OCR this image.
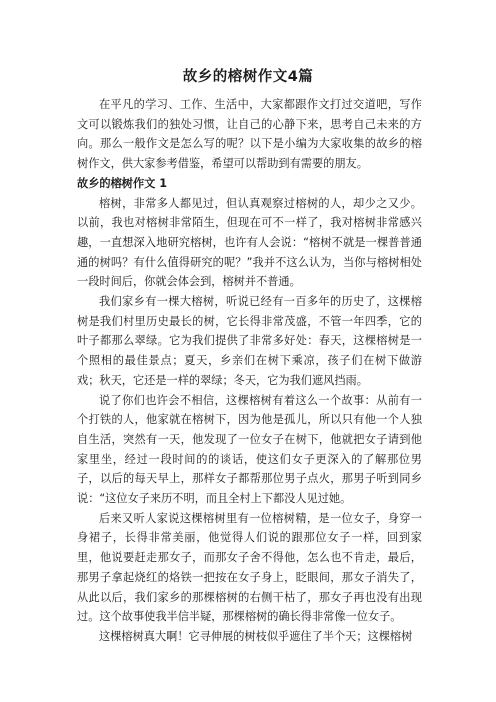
故乡的榕树作文4篇

在平凡的学习、工作、生活中，大家都跟作文打过交道吧，写作文可以锻炼我们的独处习惯，让自己的心静下来，思考自己未来的方向。那么一般作文是怎么写的呢？以下是小编为大家收集的故乡的榕树作文，供大家参考借鉴，希望可以帮助到有需要的朋友。

故乡的榕树作文 1

榕树，非常多人都见过，但认真观察过榕树的人，却少之又少。以前，我也对榕树非常陌生，但现在可不一样了，我对榕树非常感兴趣，一直想深入地研究榕树，也许有人会说：“榕树不就是一棵普普通通的树吗？有什么值得研究的呢？”我并不这么认为，当你与榕树相处一段时间后，你就会体会到，榕树并不普通。

我们家乡有一棵大榕树，听说已经有一百多年的历史了，这棵榕树是我们村里历史最长的树，它长得非常茂盛，不管一年四季，它的叶子都那么翠绿。它为我们提供了非常多好处：春天，这棵榕树是一个照相的最佳景点；夏天，乡亲们在树下乘凉，孩子们在树下做游戏；秋天，它还是一样的翠绿；冬天，它为我们遮风挡雨。

说了你们也许会不相信，这棵榕树有着这么一个故事：从前有一个打铁的人，他家就在榕树下，因为他是孤儿，所以只有他一个人独自生活，突然有一天，他发现了一位女子在树下，他就把女子请到他家里坐，经过一段时间的的谈话，使这们女子更深入的了解那位男子，以后的每天早上，那样女子都帮那位男子点火，那男子听到同乡说：“这位女子来历不明，而且全村上下都没人见过她。

后来又听人家说这棵榕树里有一位榕树精，是一位女子，身穿一身裙子，长得非常美丽，他觉得人们说的跟那位女子一样，回到家里，他说要赶走那女子，而那女子舍不得他，怎么也不肯走，最后，那男子拿起烧红的烙铁一把按在女子身上，眨眼间，那女子消失了，从此以后，我们家乡的那棵榕树的右侧干枯了，那女子再也没有出现过。这个故事使我半信半疑，那棵榕树的确长得非常像一位女子。

这棵榕树真大啊！它寻伸展的树枝似乎遮住了半个天；这棵榕树
